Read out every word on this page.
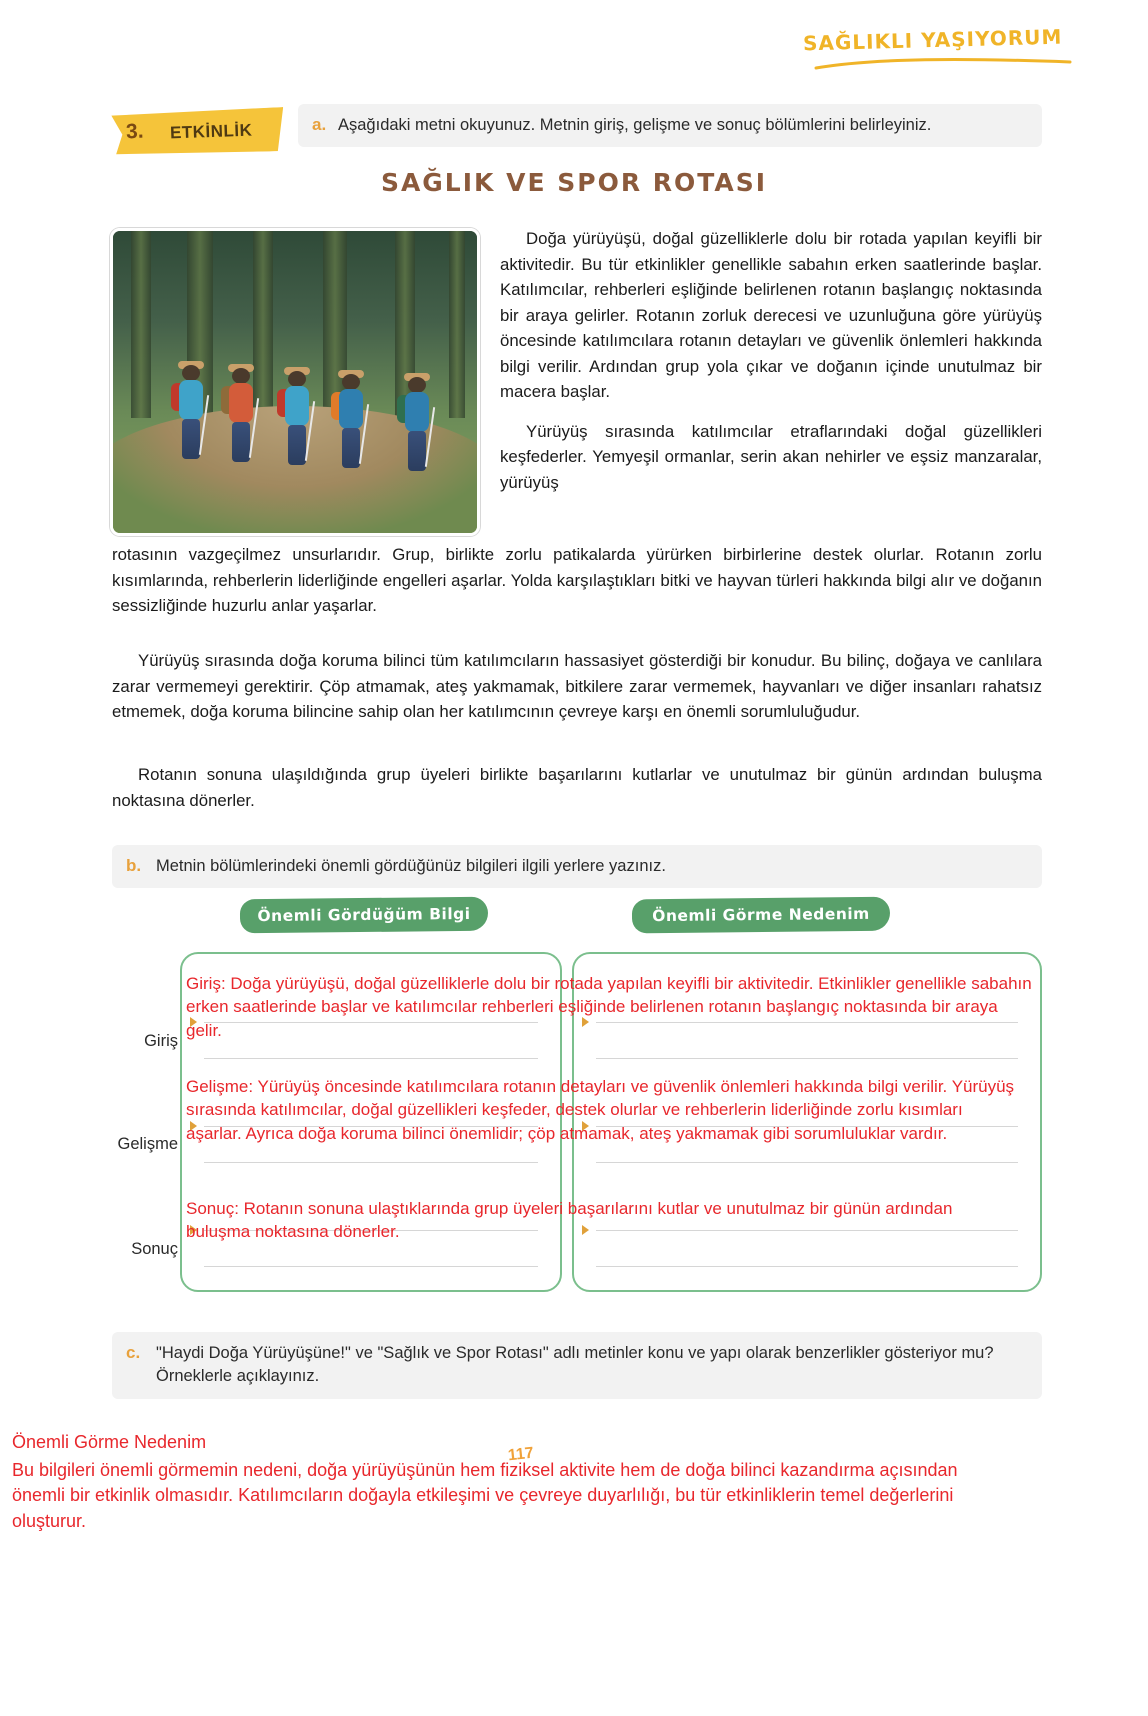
SAĞLIKLI YAŞIYORUM
3. ETKİNLİK	a. Aşağıdaki metni okuyunuz. Metnin giriş, gelişme ve sonuç bölümlerini belirleyiniz.
SAĞLIK VE SPOR ROTASI

Doğa yürüyüşü, doğal güzelliklerle dolu bir rotada yapılan keyifli bir aktivitedir. Bu tür etkinlikler genellikle sabahın erken saatlerinde başlar. Katılımcılar, rehberleri eşliğinde belirlenen rotanın başlangıç noktasında bir araya gelirler. Rotanın zorluk derecesi ve uzunluğuna göre yürüyüş öncesinde katılımcılara rotanın detayları ve güvenlik önlemleri hakkında bilgi verilir. Ardından grup yola çıkar ve doğanın içinde unutulmaz bir macera başlar.

Yürüyüş sırasında katılımcılar etraflarındaki doğal güzellikleri keşfederler. Yemyeşil ormanlar, serin akan nehirler ve eşsiz manzaralar, yürüyüş

rotasının vazgeçilmez unsurlarıdır. Grup, birlikte zorlu patikalarda yürürken birbirlerine destek olurlar. Rotanın zorlu kısımlarında, rehberlerin liderliğinde engelleri aşarlar. Yolda karşılaştıkları bitki ve hayvan türleri hakkında bilgi alır ve doğanın sessizliğinde huzurlu anlar yaşarlar.
Yürüyüş sırasında doğa koruma bilinci tüm katılımcıların hassasiyet gösterdiği bir konudur. Bu bilinç, doğaya ve canlılara zarar vermemeyi gerektirir. Çöp atmamak, ateş yakmamak, bitkilere zarar vermemek, hayvanları ve diğer insanları rahatsız etmemek, doğa koruma bilincine sahip olan her katılımcının çevreye karşı en önemli sorumluluğudur.
Rotanın sonuna ulaşıldığında grup üyeleri birlikte başarılarını kutlarlar ve unutulmaz bir günün ardından buluşma noktasına dönerler.
b. Metnin bölümlerindeki önemli gördüğünüz bilgileri ilgili yerlere yazınız.
Önemli Gördüğüm Bilgi	Önemli Görme Nedenim
Giriş
Gelişme
Sonuç
Giriş: Doğa yürüyüşü, doğal güzelliklerle dolu bir rotada yapılan keyifli bir aktivitedir. Etkinlikler genellikle sabahın erken saatlerinde başlar ve katılımcılar rehberleri eşliğinde belirlenen rotanın başlangıç noktasında bir araya gelir.
Gelişme: Yürüyüş öncesinde katılımcılara rotanın detayları ve güvenlik önlemleri hakkında bilgi verilir. Yürüyüş sırasında katılımcılar, doğal güzellikleri keşfeder, destek olurlar ve rehberlerin liderliğinde zorlu kısımları aşarlar. Ayrıca doğa koruma bilinci önemlidir; çöp atmamak, ateş yakmamak gibi sorumluluklar vardır.
Sonuç: Rotanın sonuna ulaştıklarında grup üyeleri başarılarını kutlar ve unutulmaz bir günün ardından buluşma noktasına dönerler.
c. "Haydi Doğa Yürüyüşüne!" ve "Sağlık ve Spor Rotası" adlı metinler konu ve yapı olarak benzerlikler gösteriyor mu? Örneklerle açıklayınız.
Önemli Görme Nedenim
Bu bilgileri önemli görmemin nedeni, doğa yürüyüşünün hem fiziksel aktivite hem de doğa bilinci kazandırma açısından önemli bir etkinlik olmasıdır. Katılımcıların doğayla etkileşimi ve çevreye duyarlılığı, bu tür etkinliklerin temel değerlerini oluşturur.
117
